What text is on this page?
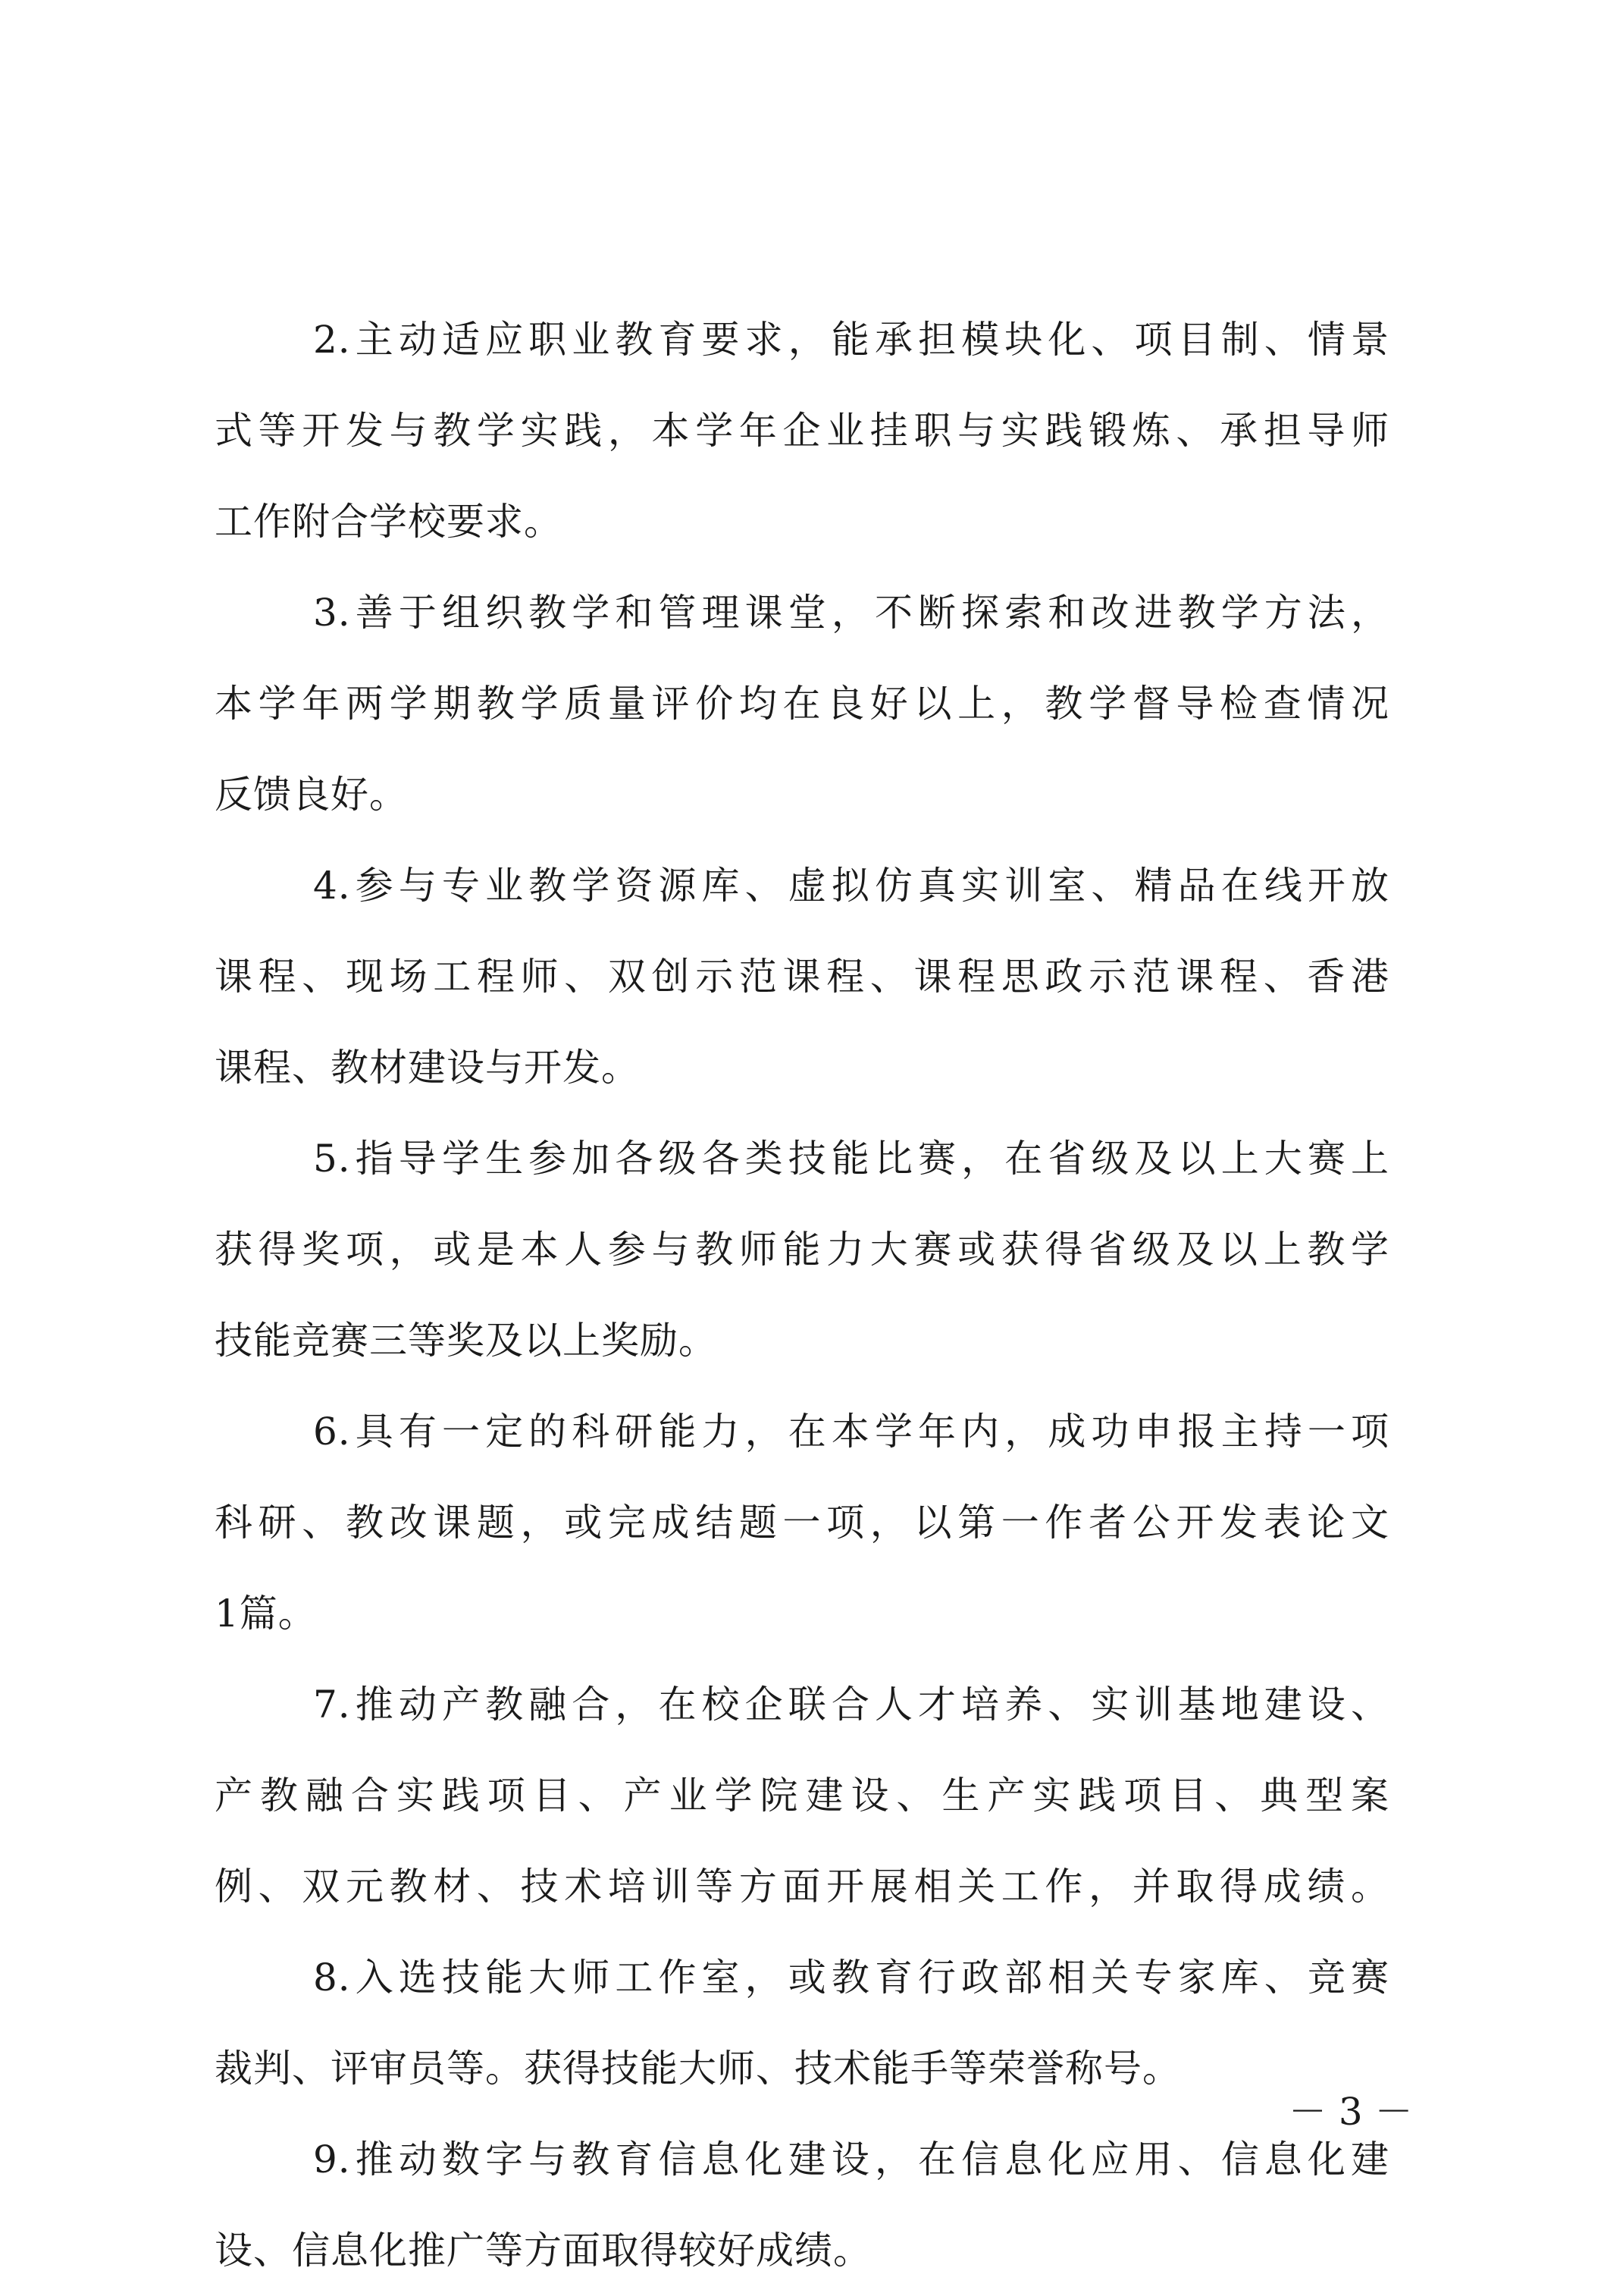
2.主动适应职业教育要求，能承担模块化、项目制、情景
式等开发与教学实践，本学年企业挂职与实践锻炼、承担导师
工作附合学校要求。
3.善于组织教学和管理课堂，不断探索和改进教学方法，
本学年两学期教学质量评价均在良好以上，教学督导检查情况
反馈良好。
4.参与专业教学资源库、虚拟仿真实训室、精品在线开放
课程、现场工程师、双创示范课程、课程思政示范课程、香港
课程、教材建设与开发。
5.指导学生参加各级各类技能比赛，在省级及以上大赛上
获得奖项，或是本人参与教师能力大赛或获得省级及以上教学
技能竞赛三等奖及以上奖励。
6.具有一定的科研能力，在本学年内，成功申报主持一项
科研、教改课题，或完成结题一项，以第一作者公开发表论文
1篇。
7.推动产教融合，在校企联合人才培养、实训基地建设、
产教融合实践项目、产业学院建设、生产实践项目、典型案
例、双元教材、技术培训等方面开展相关工作，并取得成绩。
8.入选技能大师工作室，或教育行政部相关专家库、竞赛
裁判、评审员等。获得技能大师、技术能手等荣誉称号。
9.推动数字与教育信息化建设，在信息化应用、信息化建
设、信息化推广等方面取得较好成绩。
－ 3 －
